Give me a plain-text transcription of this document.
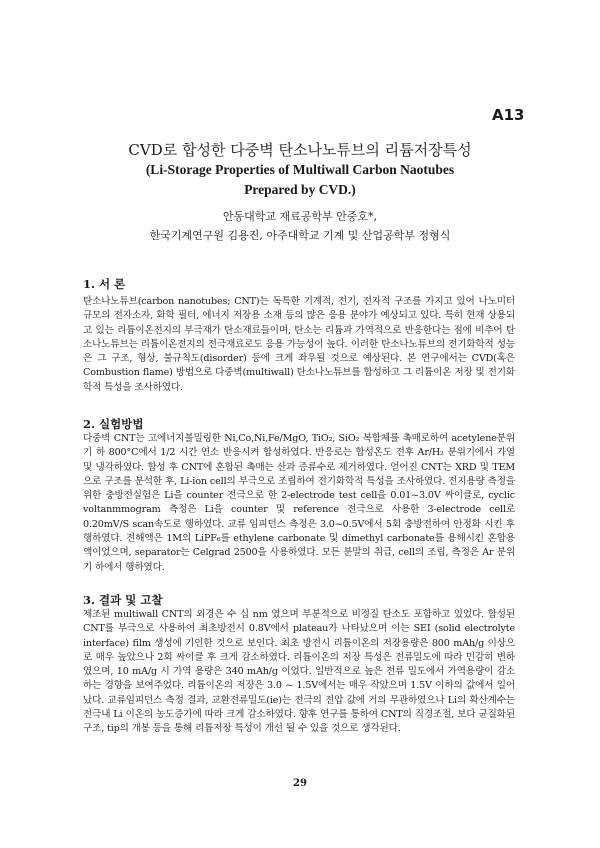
A13
CVD로 합성한 다중벽 탄소나노튜브의 리튬저장특성
(Li-Storage Properties of Multiwall Carbon Naotubes
Prepared by CVD.)
안동대학교 재료공학부 안중호*,
한국기계연구원 김용진, 아주대학교 기계 및 산업공학부 정형식
1. 서 론
탄소나노튜브(carbon nanotubes; CNT)는 독특한 기계적, 전기, 전자적 구조를 가지고 있어 나노미터 규모의 전자소자, 화학 필터, 에너지 저장용 소재 등의 많은 응용 분야가 예상되고 있다. 특히 현재 상용되고 있는 리튬이온전지의 부극재가 탄소재료들이며, 탄소는 리튬과 가역적으로 반응한다는 점에 비추어 탄소나노튜브는 리튬이온전지의 전극재료로도 응용 가능성이 높다. 이러한 탄소나노튜브의 전기화학적 성능은 그 구조, 형상, 불규칙도(disorder) 등에 크게 좌우될 것으로 예상된다. 본 연구에서는 CVD(혹은 Combustion flame) 방법으로 다중벽(multiwall) 탄소나노튜브를 합성하고 그 리튬이온 저장 및 전기화학적 특성을 조사하였다.
2. 실험방법
다중벽 CNT는 고에너지볼밀링한 Ni,Co,Ni,Fe/MgO, TiO₂, SiO₂ 복합체를 촉매로하여 acetylene분위기 하 800°C에서 1/2 시간 연소 반응시켜 합성하였다. 반응로는 합성온도 전후 Ar/H₂ 분위기에서 가열 및 냉각하였다. 합성 후 CNT에 혼합된 촉매는 산과 증류수로 제거하였다. 얻어진 CNT는 XRD 및 TEM으로 구조를 분석한 후, Li-ion cell의 부극으로 조립하여 전기화학적 특성을 조사하였다. 전지용량 측정을 위한 충방전실험은 Li을 counter 전극으로 한 2-electrode test cell을 0.01~3.0V 싸이클로, cyclic voltanmmogram 측정은 Li을 counter 및 reference 전극으로 사용한 3-electrode cell로 0.20mV/S scan속도로 행하였다. 교류 임피던스 측정은 3.0~0.5V에서 5회 충방전하여 안정화 시킨 후 행하였다. 전해액은 1M의 LiPF₆를 ethylene carbonate 및 dimethyl carbonate를 용해시킨 혼합용액이었으며, separator는 Celgrad 2500을 사용하였다. 모든 분말의 취급, cell의 조립, 측정은 Ar 분위기 하에서 행하였다.
3. 결과 및 고찰
제조된 multiwall CNT의 외경은 수 십 nm 였으며 부분적으로 비정질 탄소도 포함하고 있었다. 합성된 CNT를 부극으로 사용하여 최초방전시 0.8V에서 plateau가 나타났으며 이는 SEI (solid electrolyte interface) film 생성에 기인한 것으로 보인다. 최초 방전시 리튬이온의 저장용량은 800 mAh/g 이상으로 매우 높았으나 2회 싸이클 후 크게 감소하였다. 리튬이온의 저장 특성은 전류밀도에 따라 민감히 변하였으며, 10 mA/g 시 가역 용량은 340 mAh/g 이었다. 일반적으로 높은 전류 밀도에서 가역용량이 감소하는 경향을 보여주었다. 리튬이온의 저장은 3.0 ~ 1.5V에서는 매우 작았으며 1.5V 이하의 값에서 일어났다. 교류임피던스 측정 결과, 교환전류밀도(ie)는 전극의 전압 값에 거의 무관하였으나 Li의 확산계수는 전극내 Li 이온의 농도증가에 따라 크게 감소하였다. 향후 연구를 통하여 CNT의 직경조절, 보다 균질화된 구조, tip의 개봉 등을 통해 리튬저장 특성이 개선 될 수 있을 것으로 생각된다.
29
